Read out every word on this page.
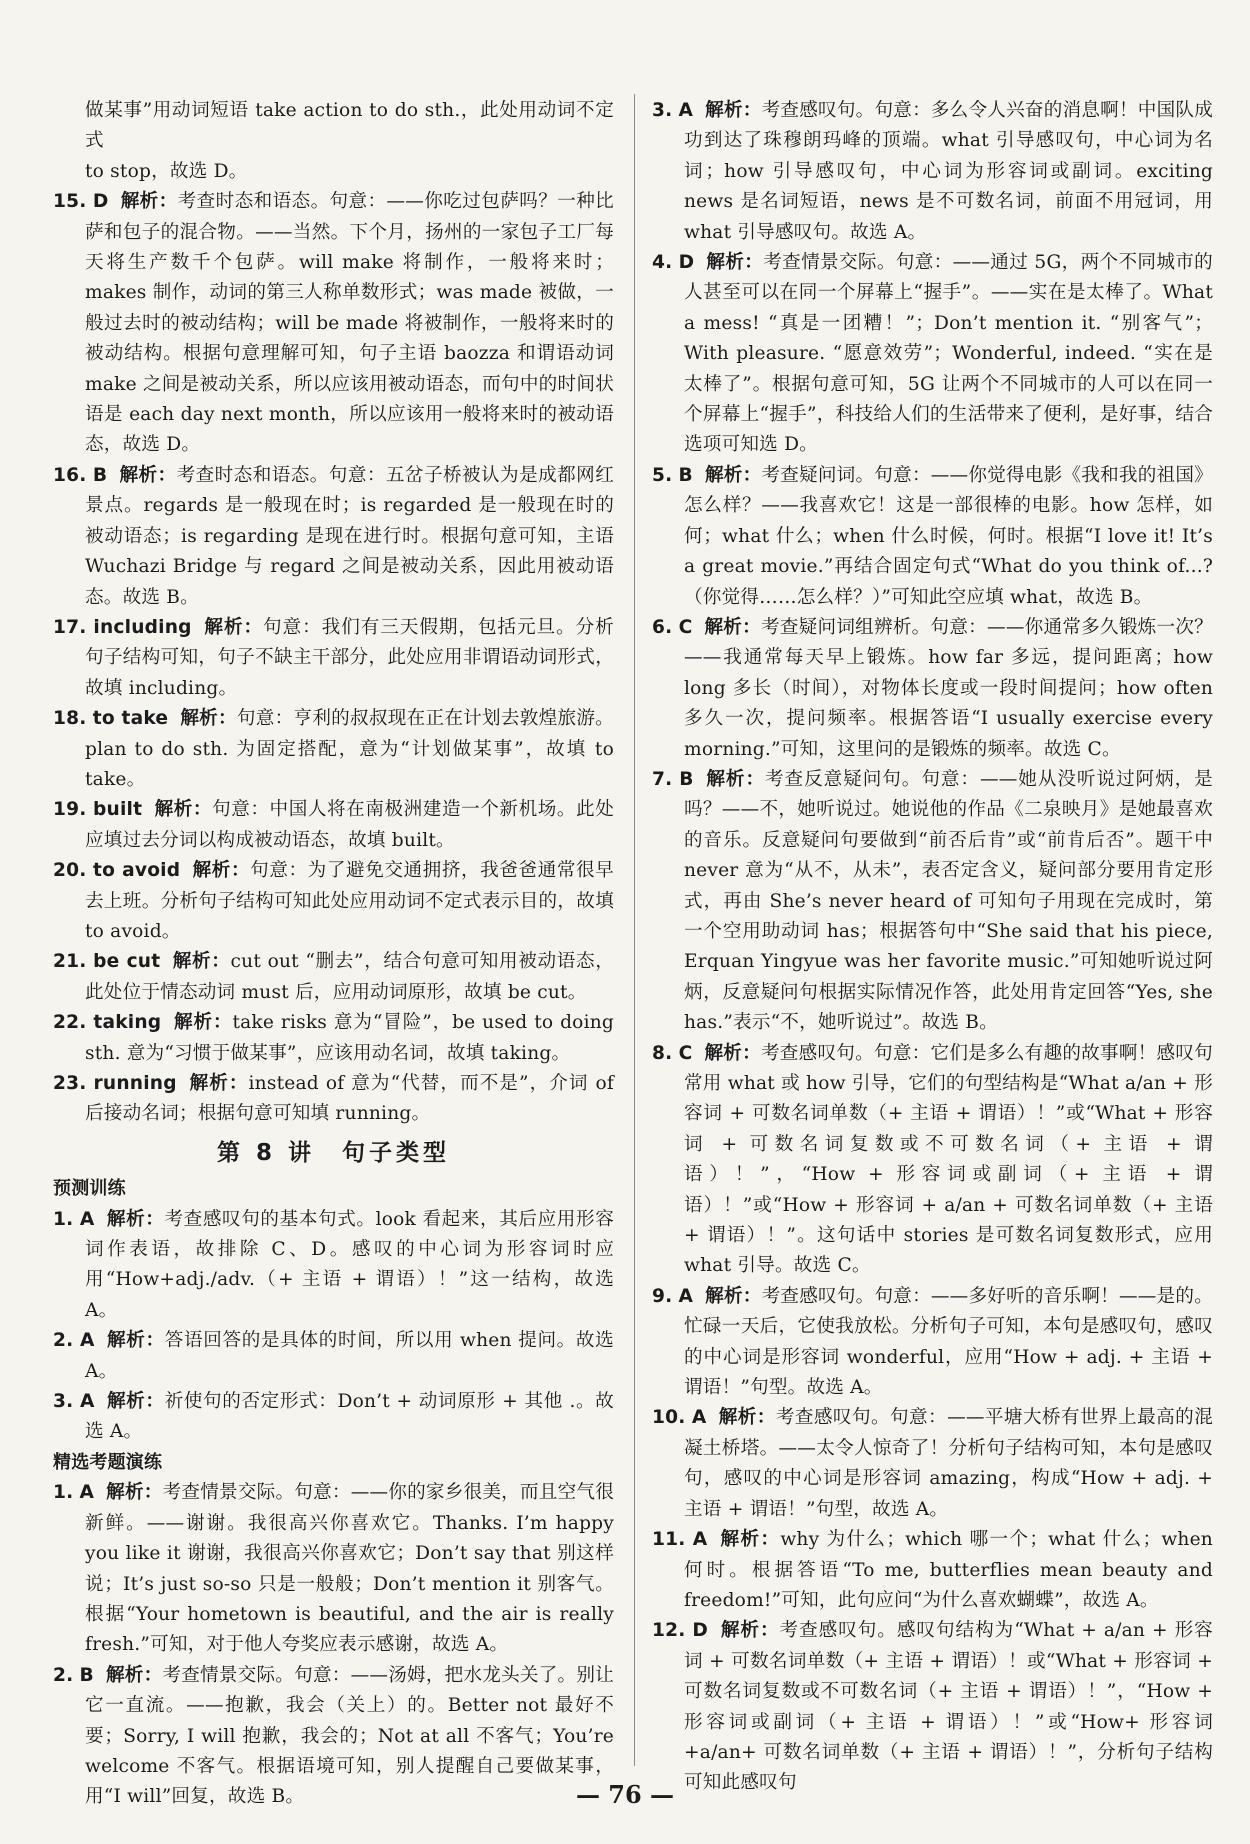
做某事”用动词短语 take action to do sth.，此处用动词不定式

to stop，故选 D。

15. D 解析：考查时态和语态。句意：——你吃过包萨吗？一种比萨和包子的混合物。——当然。下个月，扬州的一家包子工厂每天将生产数千个包萨。will make 将制作，一般将来时；makes 制作，动词的第三人称单数形式；was made 被做，一般过去时的被动结构；will be made 将被制作，一般将来时的被动结构。根据句意理解可知，句子主语 baozza 和谓语动词 make 之间是被动关系，所以应该用被动语态，而句中的时间状语是 each day next month，所以应该用一般将来时的被动语态，故选 D。

16. B 解析：考查时态和语态。句意：五岔子桥被认为是成都网红景点。regards 是一般现在时；is regarded 是一般现在时的被动语态；is regarding 是现在进行时。根据句意可知，主语 Wuchazi Bridge 与 regard 之间是被动关系，因此用被动语态。故选 B。

17. including 解析：句意：我们有三天假期，包括元旦。分析句子结构可知，句子不缺主干部分，此处应用非谓语动词形式，故填 including。

18. to take 解析：句意：亨利的叔叔现在正在计划去敦煌旅游。plan to do sth. 为固定搭配，意为“计划做某事”，故填 to take。

19. built 解析：句意：中国人将在南极洲建造一个新机场。此处应填过去分词以构成被动语态，故填 built。

20. to avoid 解析：句意：为了避免交通拥挤，我爸爸通常很早去上班。分析句子结构可知此处应用动词不定式表示目的，故填 to avoid。

21. be cut 解析：cut out “删去”，结合句意可知用被动语态，此处位于情态动词 must 后，应用动词原形，故填 be cut。

22. taking 解析：take risks 意为“冒险”，be used to doing sth. 意为“习惯于做某事”，应该用动名词，故填 taking。

23. running 解析：instead of 意为“代替，而不是”，介词 of 后接动名词；根据句意可知填 running。

第 8 讲　句子类型

预测训练

1. A 解析：考查感叹句的基本句式。look 看起来，其后应用形容词作表语，故排除 C、D。感叹的中心词为形容词时应用“How+adj./adv.（+ 主语 + 谓语）！”这一结构，故选 A。

2. A 解析：答语回答的是具体的时间，所以用 when 提问。故选 A。

3. A 解析：祈使句的否定形式：Don’t + 动词原形 + 其他 .。故选 A。

精选考题演练

1. A 解析：考查情景交际。句意：——你的家乡很美，而且空气很新鲜。——谢谢。我很高兴你喜欢它。Thanks. I’m happy you like it 谢谢，我很高兴你喜欢它；Don’t say that 别这样说；It’s just so-so 只是一般般；Don’t mention it 别客气。根据“Your hometown is beautiful, and the air is really fresh.”可知，对于他人夸奖应表示感谢，故选 A。

2. B 解析：考查情景交际。句意：——汤姆，把水龙头关了。别让它一直流。——抱歉，我会（关上）的。Better not 最好不要；Sorry, I will 抱歉，我会的；Not at all 不客气；You’re welcome 不客气。根据语境可知，别人提醒自己要做某事，用“I will”回复，故选 B。

3. A 解析：考查感叹句。句意：多么令人兴奋的消息啊！中国队成功到达了珠穆朗玛峰的顶端。what 引导感叹句，中心词为名词；how 引导感叹句，中心词为形容词或副词。exciting news 是名词短语，news 是不可数名词，前面不用冠词，用 what 引导感叹句。故选 A。

4. D 解析：考查情景交际。句意：——通过 5G，两个不同城市的人甚至可以在同一个屏幕上“握手”。——实在是太棒了。What a mess! “真是一团糟！”；Don’t mention it. “别客气”；With pleasure. “愿意效劳”；Wonderful, indeed. “实在是太棒了”。根据句意可知，5G 让两个不同城市的人可以在同一个屏幕上“握手”，科技给人们的生活带来了便利，是好事，结合选项可知选 D。

5. B 解析：考查疑问词。句意：——你觉得电影《我和我的祖国》怎么样？——我喜欢它！这是一部很棒的电影。how 怎样，如何；what 什么；when 什么时候，何时。根据“I love it! It’s a great movie.”再结合固定句式“What do you think of...?（你觉得……怎么样？）”可知此空应填 what，故选 B。

6. C 解析：考查疑问词组辨析。句意：——你通常多久锻炼一次？——我通常每天早上锻炼。how far 多远，提问距离；how long 多长（时间），对物体长度或一段时间提问；how often 多久一次，提问频率。根据答语“I usually exercise every morning.”可知，这里问的是锻炼的频率。故选 C。

7. B 解析：考查反意疑问句。句意：——她从没听说过阿炳，是吗？——不，她听说过。她说他的作品《二泉映月》是她最喜欢的音乐。反意疑问句要做到“前否后肯”或“前肯后否”。题干中 never 意为“从不，从未”，表否定含义，疑问部分要用肯定形式，再由 She’s never heard of 可知句子用现在完成时，第一个空用助动词 has；根据答句中“She said that his piece, Erquan Yingyue was her favorite music.”可知她听说过阿炳，反意疑问句根据实际情况作答，此处用肯定回答“Yes, she has.”表示“不，她听说过”。故选 B。

8. C 解析：考查感叹句。句意：它们是多么有趣的故事啊！感叹句常用 what 或 how 引导，它们的句型结构是“What a/an + 形容词 + 可数名词单数（+ 主语 + 谓语）！”或“What + 形容词 + 可数名词复数或不可数名词（+ 主语 + 谓语）！”，“How + 形容词或副词（+ 主语 + 谓语）！”或“How + 形容词 + a/an + 可数名词单数（+ 主语 + 谓语）！”。这句话中 stories 是可数名词复数形式，应用 what 引导。故选 C。

9. A 解析：考查感叹句。句意：——多好听的音乐啊！——是的。忙碌一天后，它使我放松。分析句子可知，本句是感叹句，感叹的中心词是形容词 wonderful，应用“How + adj. + 主语 + 谓语！”句型。故选 A。

10. A 解析：考查感叹句。句意：——平塘大桥有世界上最高的混凝土桥塔。——太令人惊奇了！分析句子结构可知，本句是感叹句，感叹的中心词是形容词 amazing，构成“How + adj. + 主语 + 谓语！”句型，故选 A。

11. A 解析：why 为什么；which 哪一个；what 什么；when 何时。根据答语“To me, butterflies mean beauty and freedom!”可知，此句应问“为什么喜欢蝴蝶”，故选 A。

12. D 解析：考查感叹句。感叹句结构为“What + a/an + 形容词 + 可数名词单数（+ 主语 + 谓语）！或“What + 形容词 + 可数名词复数或不可数名词（+ 主语 + 谓语）！”，“How + 形容词或副词（+ 主语 + 谓语）！”或“How+ 形容词 +a/an+ 可数名词单数（+ 主语 + 谓语）！”，分析句子结构可知此感叹句

— 76 —
